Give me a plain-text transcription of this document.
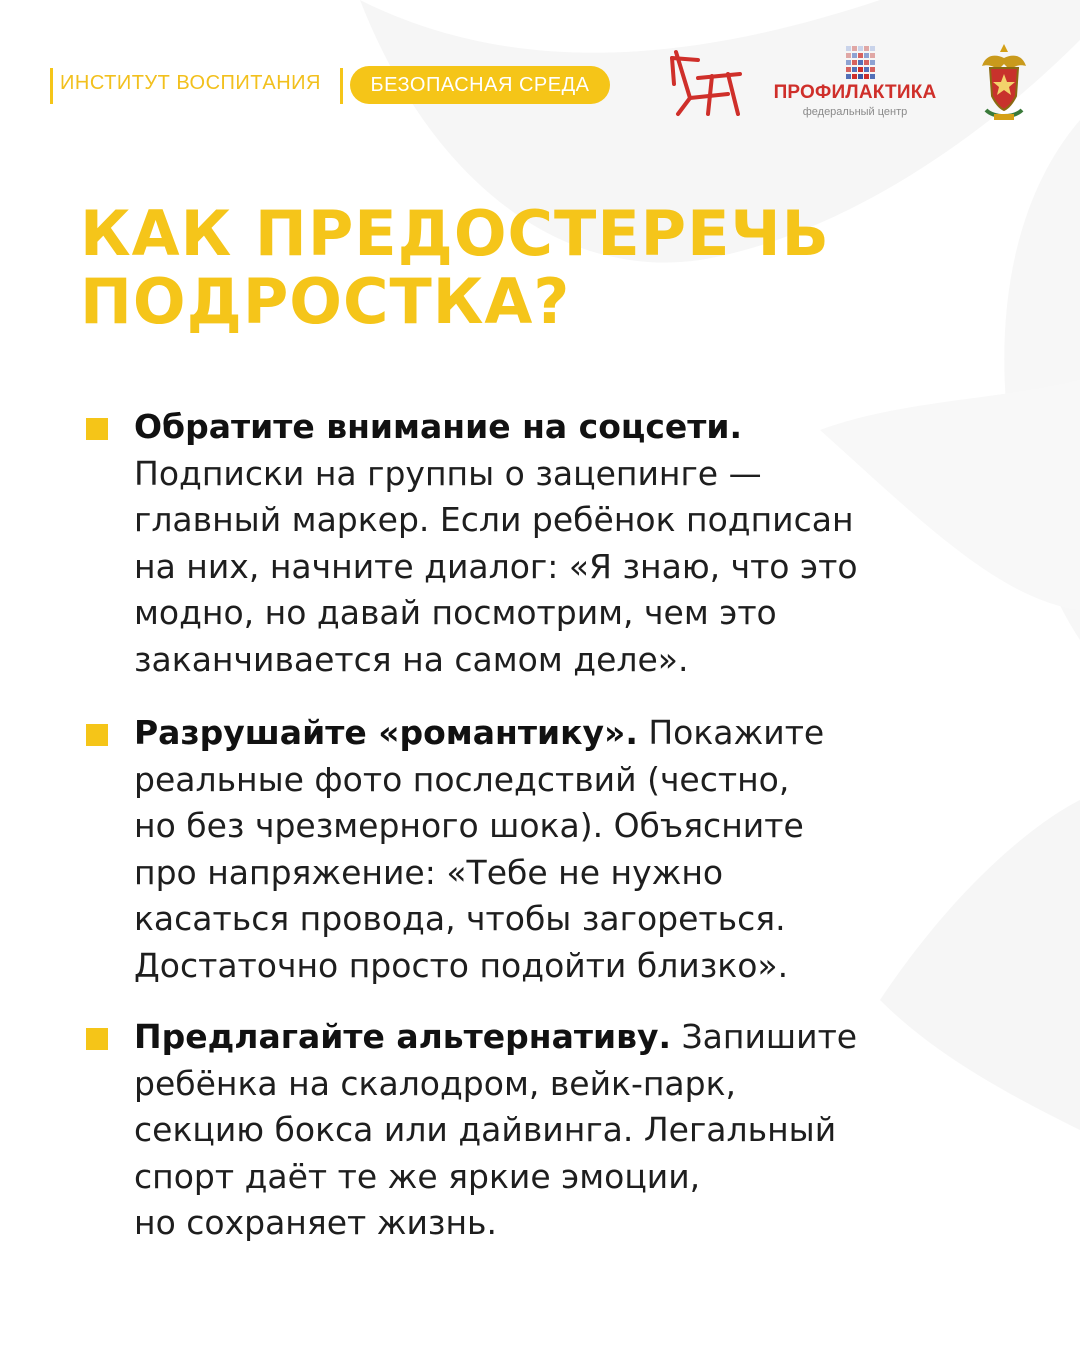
ИНСТИТУТ ВОСПИТАНИЯ	БЕЗОПАСНАЯ СРЕДА	ПРОФИЛАКТИКА
федеральный центр
КАК ПРЕДОСТЕРЕЧЬ
ПОДРОСТКА?
Обратите внимание на соцсети.
Подписки на группы о зацепинге —
главный маркер. Если ребёнок подписан
на них, начните диалог: «Я знаю, что это
модно, но давай посмотрим, чем это
заканчивается на самом деле».
Разрушайте «романтику». Покажите
реальные фото последствий (честно,
но без чрезмерного шока). Объясните
про напряжение: «Тебе не нужно
касаться провода, чтобы загореться.
Достаточно просто подойти близко».
Предлагайте альтернативу. Запишите
ребёнка на скалодром, вейк-парк,
секцию бокса или дайвинга. Легальный
спорт даёт те же яркие эмоции,
но сохраняет жизнь.
